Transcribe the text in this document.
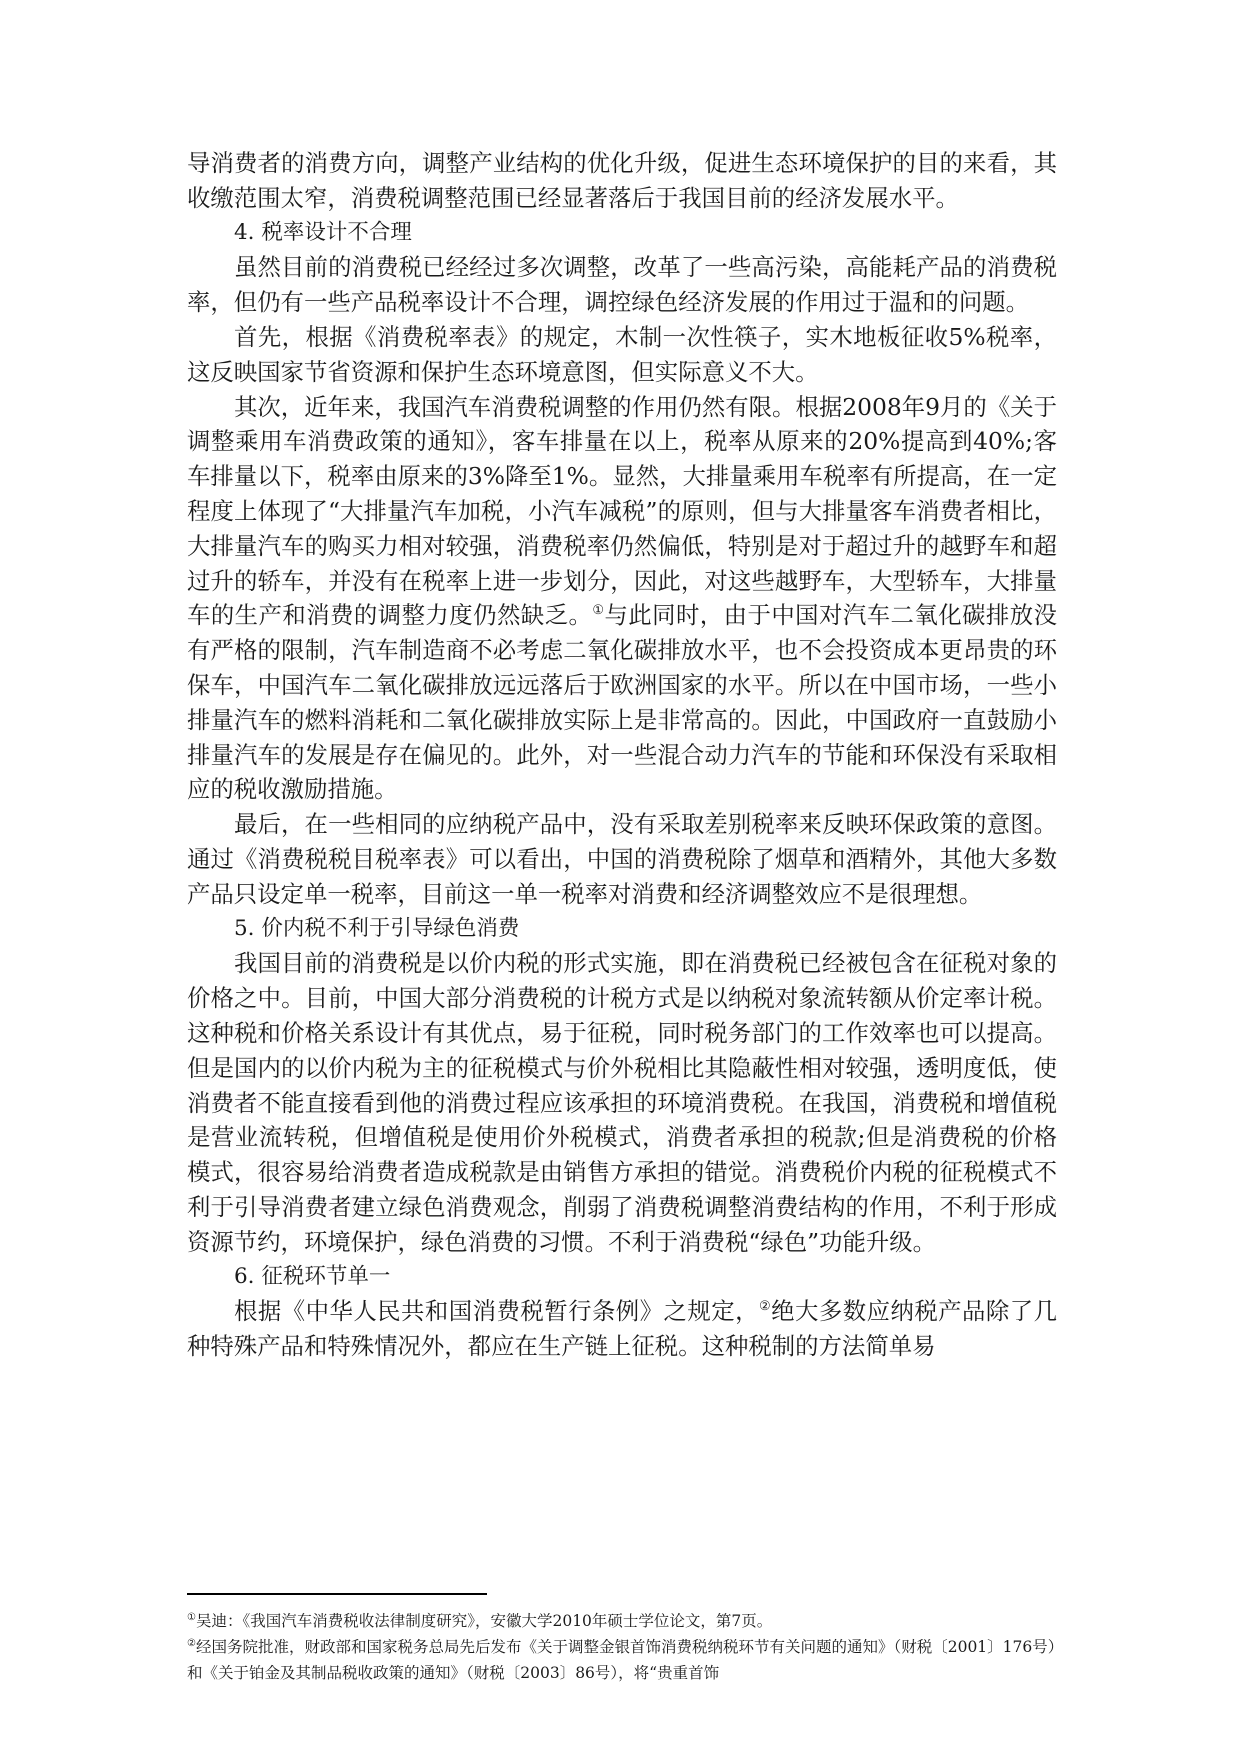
导消费者的消费方向，调整产业结构的优化升级，促进生态环境保护的目的来看，其收缴范围太窄，消费税调整范围已经显著落后于我国目前的经济发展水平。

4. 税率设计不合理

虽然目前的消费税已经经过多次调整，改革了一些高污染，高能耗产品的消费税率，但仍有一些产品税率设计不合理，调控绿色经济发展的作用过于温和的问题。

首先，根据《消费税率表》的规定，木制一次性筷子，实木地板征收5%税率，这反映国家节省资源和保护生态环境意图，但实际意义不大。

其次，近年来，我国汽车消费税调整的作用仍然有限。根据2008年9月的《关于调整乘用车消费政策的通知》，客车排量在以上，税率从原来的20%提高到40%;客车排量以下，税率由原来的3%降至1%。显然，大排量乘用车税率有所提高，在一定程度上体现了“大排量汽车加税，小汽车减税”的原则，但与大排量客车消费者相比，大排量汽车的购买力相对较强，消费税率仍然偏低，特别是对于超过升的越野车和超过升的轿车，并没有在税率上进一步划分，因此，对这些越野车，大型轿车，大排量车的生产和消费的调整力度仍然缺乏。①与此同时，由于中国对汽车二氧化碳排放没有严格的限制，汽车制造商不必考虑二氧化碳排放水平，也不会投资成本更昂贵的环保车，中国汽车二氧化碳排放远远落后于欧洲国家的水平。所以在中国市场，一些小排量汽车的燃料消耗和二氧化碳排放实际上是非常高的。因此，中国政府一直鼓励小排量汽车的发展是存在偏见的。此外，对一些混合动力汽车的节能和环保没有采取相应的税收激励措施。

最后，在一些相同的应纳税产品中，没有采取差别税率来反映环保政策的意图。通过《消费税税目税率表》可以看出，中国的消费税除了烟草和酒精外，其他大多数产品只设定单一税率，目前这一单一税率对消费和经济调整效应不是很理想。

5. 价内税不利于引导绿色消费

我国目前的消费税是以价内税的形式实施，即在消费税已经被包含在征税对象的价格之中。目前，中国大部分消费税的计税方式是以纳税对象流转额从价定率计税。这种税和价格关系设计有其优点，易于征税，同时税务部门的工作效率也可以提高。但是国内的以价内税为主的征税模式与价外税相比其隐蔽性相对较强，透明度低，使消费者不能直接看到他的消费过程应该承担的环境消费税。在我国，消费税和增值税是营业流转税，但增值税是使用价外税模式，消费者承担的税款;但是消费税的价格模式，很容易给消费者造成税款是由销售方承担的错觉。消费税价内税的征税模式不利于引导消费者建立绿色消费观念，削弱了消费税调整消费结构的作用，不利于形成资源节约，环境保护，绿色消费的习惯。不利于消费税“绿色”功能升级。

6. 征税环节单一

根据《中华人民共和国消费税暂行条例》之规定，②绝大多数应纳税产品除了几种特殊产品和特殊情况外，都应在生产链上征税。这种税制的方法简单易

①吴迪：《我国汽车消费税收法律制度研究》，安徽大学2010年硕士学位论文，第7页。

②经国务院批准，财政部和国家税务总局先后发布《关于调整金银首饰消费税纳税环节有关问题的通知》（财税〔2001〕176号）和《关于铂金及其制品税收政策的通知》（财税〔2003〕86号），将“贵重首饰
